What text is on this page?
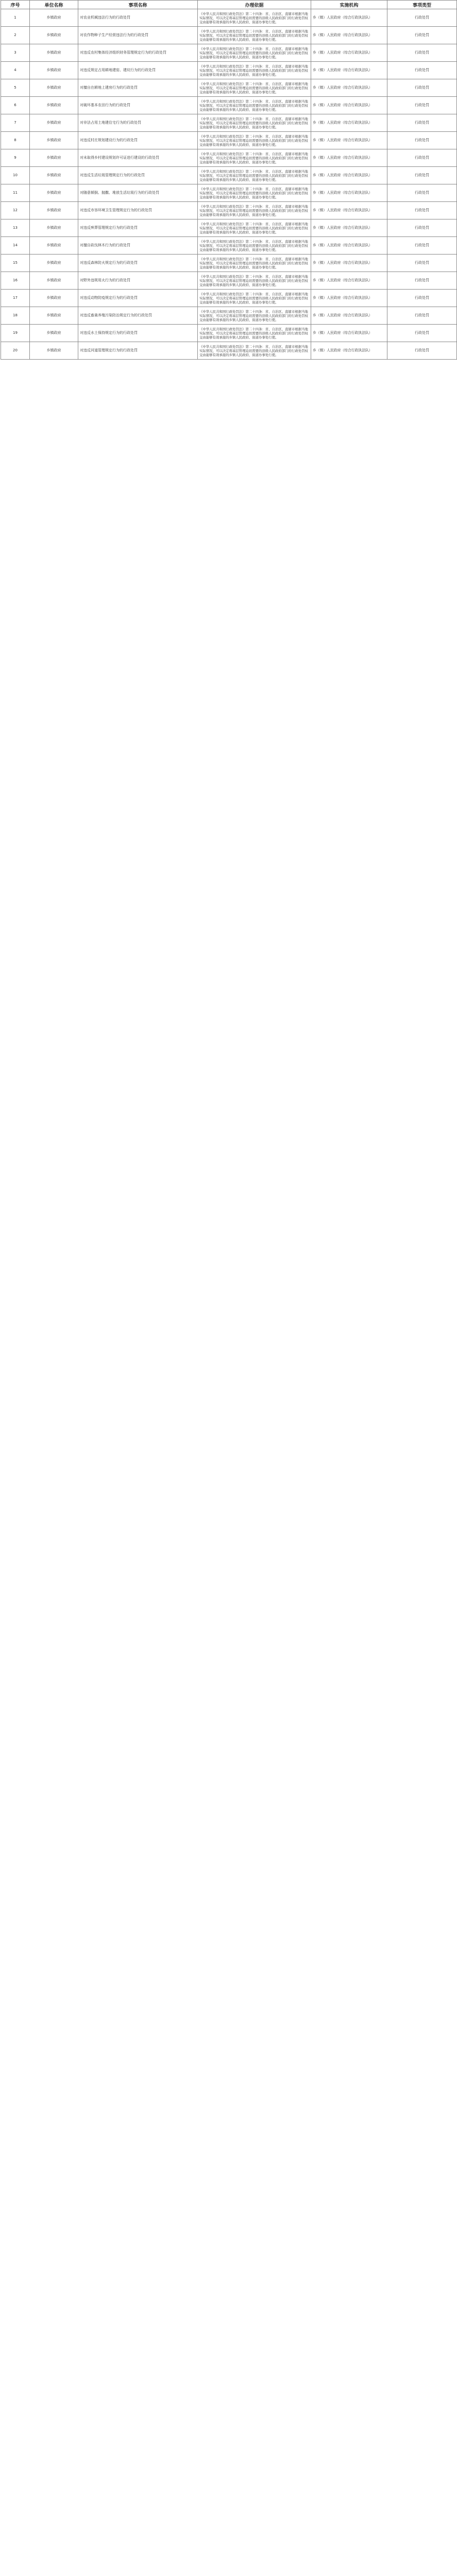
序号	单位名称	事项名称	办理依据	实施机构	事项类型
1	乡镇政府	对农业机械违法行为的行政处罚	《中华人民共和国行政处罚法》第二十四条：省、自治区、直辖市根据当地实际情况，可以决定将基层管理迫切需要的县级人民政府部门的行政处罚权交由能够有效承接的乡镇人民政府、街道办事处行使。	乡（镇）人民政府（综合行政执法队）	行政处罚
2	乡镇政府	对农作物种子生产经营违法行为的行政处罚	《中华人民共和国行政处罚法》第二十四条：省、自治区、直辖市根据当地实际情况，可以决定将基层管理迫切需要的县级人民政府部门的行政处罚权交由能够有效承接的乡镇人民政府、街道办事处行使。	乡（镇）人民政府（综合行政执法队）	行政处罚
3	乡镇政府	对违反农村集体经济组织财务管理规定行为的行政处罚	《中华人民共和国行政处罚法》第二十四条：省、自治区、直辖市根据当地实际情况，可以决定将基层管理迫切需要的县级人民政府部门的行政处罚权交由能够有效承接的乡镇人民政府、街道办事处行使。	乡（镇）人民政府（综合行政执法队）	行政处罚
4	乡镇政府	对违反规定占用耕地建窑、建坟行为的行政处罚	《中华人民共和国行政处罚法》第二十四条：省、自治区、直辖市根据当地实际情况，可以决定将基层管理迫切需要的县级人民政府部门的行政处罚权交由能够有效承接的乡镇人民政府、街道办事处行使。	乡（镇）人民政府（综合行政执法队）	行政处罚
5	乡镇政府	对擅自在耕地上建房行为的行政处罚	《中华人民共和国行政处罚法》第二十四条：省、自治区、直辖市根据当地实际情况，可以决定将基层管理迫切需要的县级人民政府部门的行政处罚权交由能够有效承接的乡镇人民政府、街道办事处行使。	乡（镇）人民政府（综合行政执法队）	行政处罚
6	乡镇政府	对破坏基本农田行为的行政处罚	《中华人民共和国行政处罚法》第二十四条：省、自治区、直辖市根据当地实际情况，可以决定将基层管理迫切需要的县级人民政府部门的行政处罚权交由能够有效承接的乡镇人民政府、街道办事处行使。	乡（镇）人民政府（综合行政执法队）	行政处罚
7	乡镇政府	对非法占用土地建住宅行为的行政处罚	《中华人民共和国行政处罚法》第二十四条：省、自治区、直辖市根据当地实际情况，可以决定将基层管理迫切需要的县级人民政府部门的行政处罚权交由能够有效承接的乡镇人民政府、街道办事处行使。	乡（镇）人民政府（综合行政执法队）	行政处罚
8	乡镇政府	对违反村庄规划建设行为的行政处罚	《中华人民共和国行政处罚法》第二十四条：省、自治区、直辖市根据当地实际情况，可以决定将基层管理迫切需要的县级人民政府部门的行政处罚权交由能够有效承接的乡镇人民政府、街道办事处行使。	乡（镇）人民政府（综合行政执法队）	行政处罚
9	乡镇政府	对未取得乡村建设规划许可证进行建设的行政处罚	《中华人民共和国行政处罚法》第二十四条：省、自治区、直辖市根据当地实际情况，可以决定将基层管理迫切需要的县级人民政府部门的行政处罚权交由能够有效承接的乡镇人民政府、街道办事处行使。	乡（镇）人民政府（综合行政执法队）	行政处罚
10	乡镇政府	对违反生活垃圾管理规定行为的行政处罚	《中华人民共和国行政处罚法》第二十四条：省、自治区、直辖市根据当地实际情况，可以决定将基层管理迫切需要的县级人民政府部门的行政处罚权交由能够有效承接的乡镇人民政府、街道办事处行使。	乡（镇）人民政府（综合行政执法队）	行政处罚
11	乡镇政府	对随意倾倒、抛撒、堆放生活垃圾行为的行政处罚	《中华人民共和国行政处罚法》第二十四条：省、自治区、直辖市根据当地实际情况，可以决定将基层管理迫切需要的县级人民政府部门的行政处罚权交由能够有效承接的乡镇人民政府、街道办事处行使。	乡（镇）人民政府（综合行政执法队）	行政处罚
12	乡镇政府	对违反市容环境卫生管理规定行为的行政处罚	《中华人民共和国行政处罚法》第二十四条：省、自治区、直辖市根据当地实际情况，可以决定将基层管理迫切需要的县级人民政府部门的行政处罚权交由能够有效承接的乡镇人民政府、街道办事处行使。	乡（镇）人民政府（综合行政执法队）	行政处罚
13	乡镇政府	对违反殡葬管理规定行为的行政处罚	《中华人民共和国行政处罚法》第二十四条：省、自治区、直辖市根据当地实际情况，可以决定将基层管理迫切需要的县级人民政府部门的行政处罚权交由能够有效承接的乡镇人民政府、街道办事处行使。	乡（镇）人民政府（综合行政执法队）	行政处罚
14	乡镇政府	对擅自砍伐林木行为的行政处罚	《中华人民共和国行政处罚法》第二十四条：省、自治区、直辖市根据当地实际情况，可以决定将基层管理迫切需要的县级人民政府部门的行政处罚权交由能够有效承接的乡镇人民政府、街道办事处行使。	乡（镇）人民政府（综合行政执法队）	行政处罚
15	乡镇政府	对违反森林防火规定行为的行政处罚	《中华人民共和国行政处罚法》第二十四条：省、自治区、直辖市根据当地实际情况，可以决定将基层管理迫切需要的县级人民政府部门的行政处罚权交由能够有效承接的乡镇人民政府、街道办事处行使。	乡（镇）人民政府（综合行政执法队）	行政处罚
16	乡镇政府	对野外违规用火行为的行政处罚	《中华人民共和国行政处罚法》第二十四条：省、自治区、直辖市根据当地实际情况，可以决定将基层管理迫切需要的县级人民政府部门的行政处罚权交由能够有效承接的乡镇人民政府、街道办事处行使。	乡（镇）人民政府（综合行政执法队）	行政处罚
17	乡镇政府	对违反动物防疫规定行为的行政处罚	《中华人民共和国行政处罚法》第二十四条：省、自治区、直辖市根据当地实际情况，可以决定将基层管理迫切需要的县级人民政府部门的行政处罚权交由能够有效承接的乡镇人民政府、街道办事处行使。	乡（镇）人民政府（综合行政执法队）	行政处罚
18	乡镇政府	对违反畜禽养殖污染防治规定行为的行政处罚	《中华人民共和国行政处罚法》第二十四条：省、自治区、直辖市根据当地实际情况，可以决定将基层管理迫切需要的县级人民政府部门的行政处罚权交由能够有效承接的乡镇人民政府、街道办事处行使。	乡（镇）人民政府（综合行政执法队）	行政处罚
19	乡镇政府	对违反水土保持规定行为的行政处罚	《中华人民共和国行政处罚法》第二十四条：省、自治区、直辖市根据当地实际情况，可以决定将基层管理迫切需要的县级人民政府部门的行政处罚权交由能够有效承接的乡镇人民政府、街道办事处行使。	乡（镇）人民政府（综合行政执法队）	行政处罚
20	乡镇政府	对违反河道管理规定行为的行政处罚	《中华人民共和国行政处罚法》第二十四条：省、自治区、直辖市根据当地实际情况，可以决定将基层管理迫切需要的县级人民政府部门的行政处罚权交由能够有效承接的乡镇人民政府、街道办事处行使。	乡（镇）人民政府（综合行政执法队）	行政处罚
